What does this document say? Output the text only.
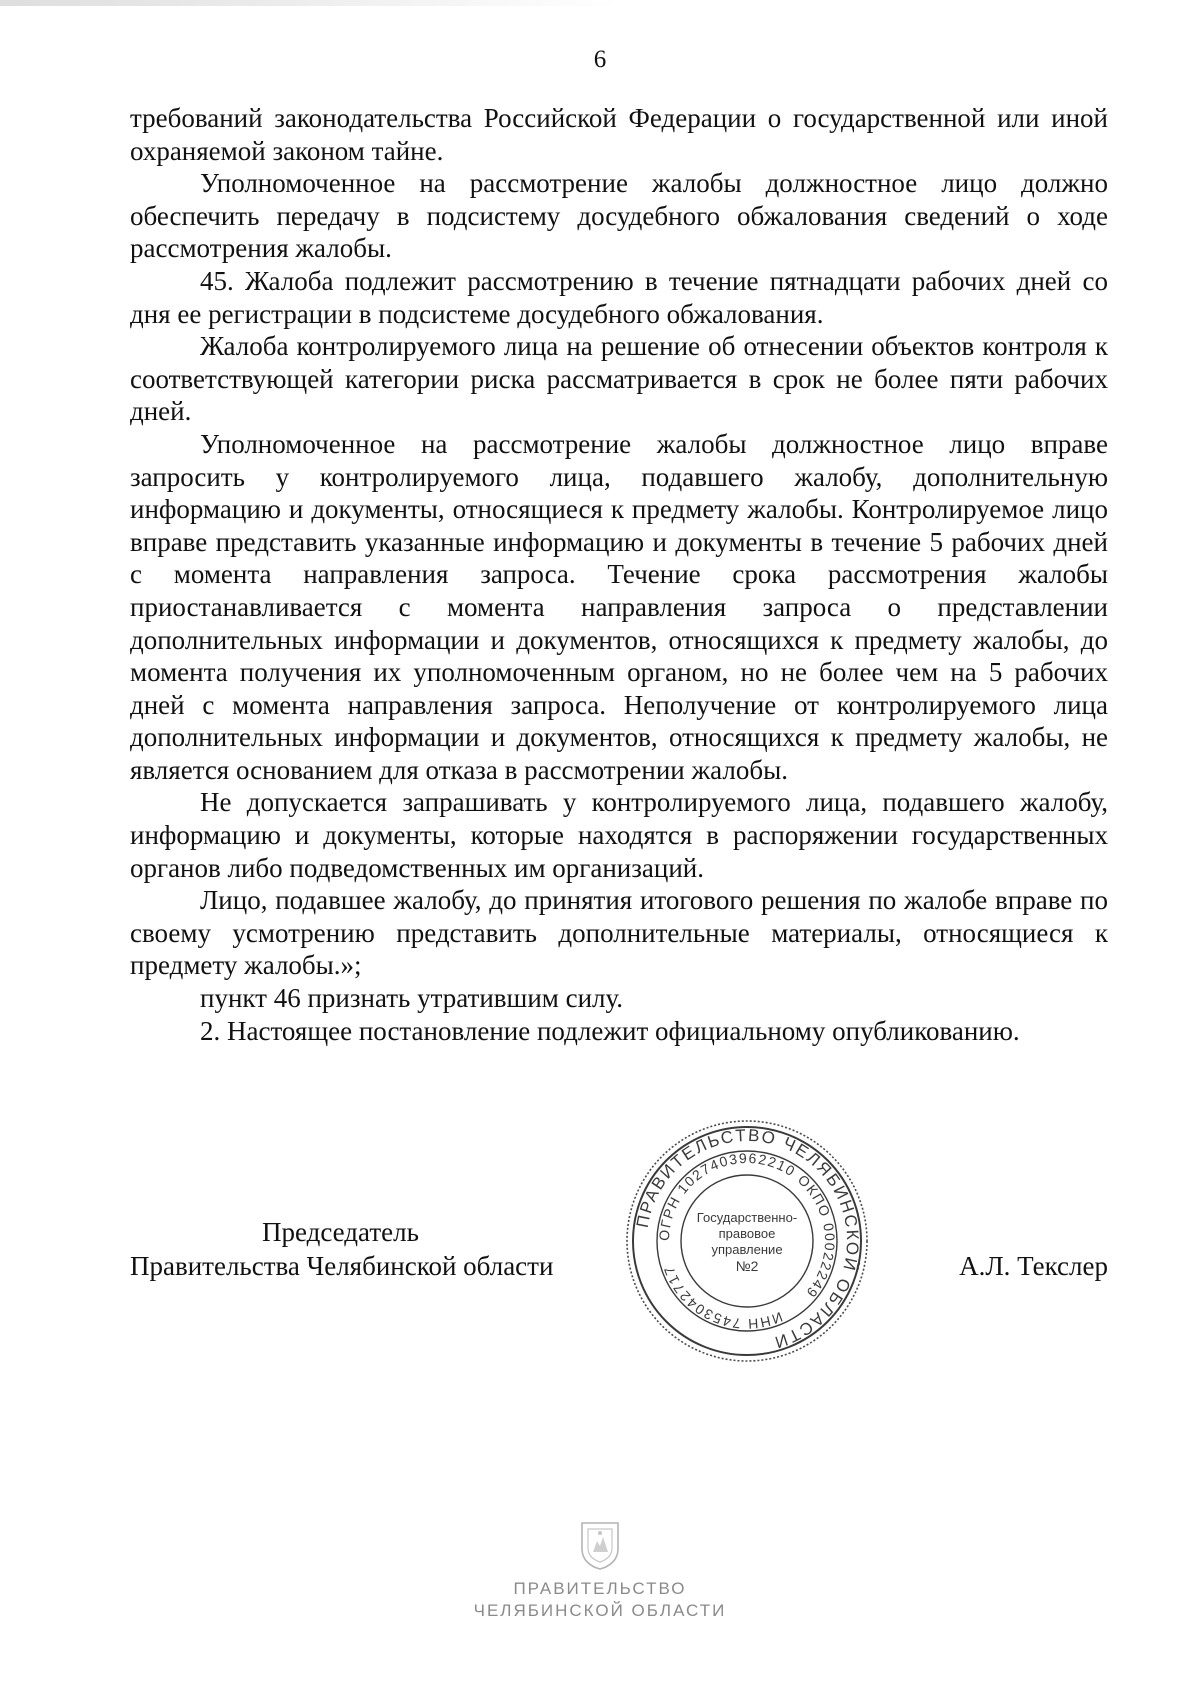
6

требований законодательства Российской Федерации о государственной или иной охраняемой законом тайне.

Уполномоченное на рассмотрение жалобы должностное лицо должно обеспечить передачу в подсистему досудебного обжалования сведений о ходе рассмотрения жалобы.

45. Жалоба подлежит рассмотрению в течение пятнадцати рабочих дней со дня ее регистрации в подсистеме досудебного обжалования.

Жалоба контролируемого лица на решение об отнесении объектов контроля к соответствующей категории риска рассматривается в срок не более пяти рабочих дней.

Уполномоченное на рассмотрение жалобы должностное лицо вправе запросить у контролируемого лица, подавшего жалобу, дополнительную информацию и документы, относящиеся к предмету жалобы. Контролируемое лицо вправе представить указанные информацию и документы в течение 5 рабочих дней с момента направления запроса. Течение срока рассмотрения жалобы приостанавливается с момента направления запроса о представлении дополнительных информации и документов, относящихся к предмету жалобы, до момента получения их уполномоченным органом, но не более чем на 5 рабочих дней с момента направления запроса. Неполучение от контролируемого лица дополнительных информации и документов, относящихся к предмету жалобы, не является основанием для отказа в рассмотрении жалобы.

Не допускается запрашивать у контролируемого лица, подавшего жалобу, информацию и документы, которые находятся в распоряжении государственных органов либо подведомственных им организаций.

Лицо, подавшее жалобу, до принятия итогового решения по жалобе вправе по своему усмотрению представить дополнительные материалы, относящиеся к предмету жалобы.»;

пункт 46 признать утратившим силу.

2. Настоящее постановление подлежит официальному опубликованию.

Председатель
Правительства Челябинской области
ПРАВИТЕЛЬСТВО ЧЕЛЯБИНСКОЙ ОБЛАСТИ
ОГРН 1027403962210
ОКПО 00022249
ИНН 7453042717
Государственно-
правовое
управление
№2	А.Л. Текслер
ПРАВИТЕЛЬСТВО
ЧЕЛЯБИНСКОЙ ОБЛАСТИ
